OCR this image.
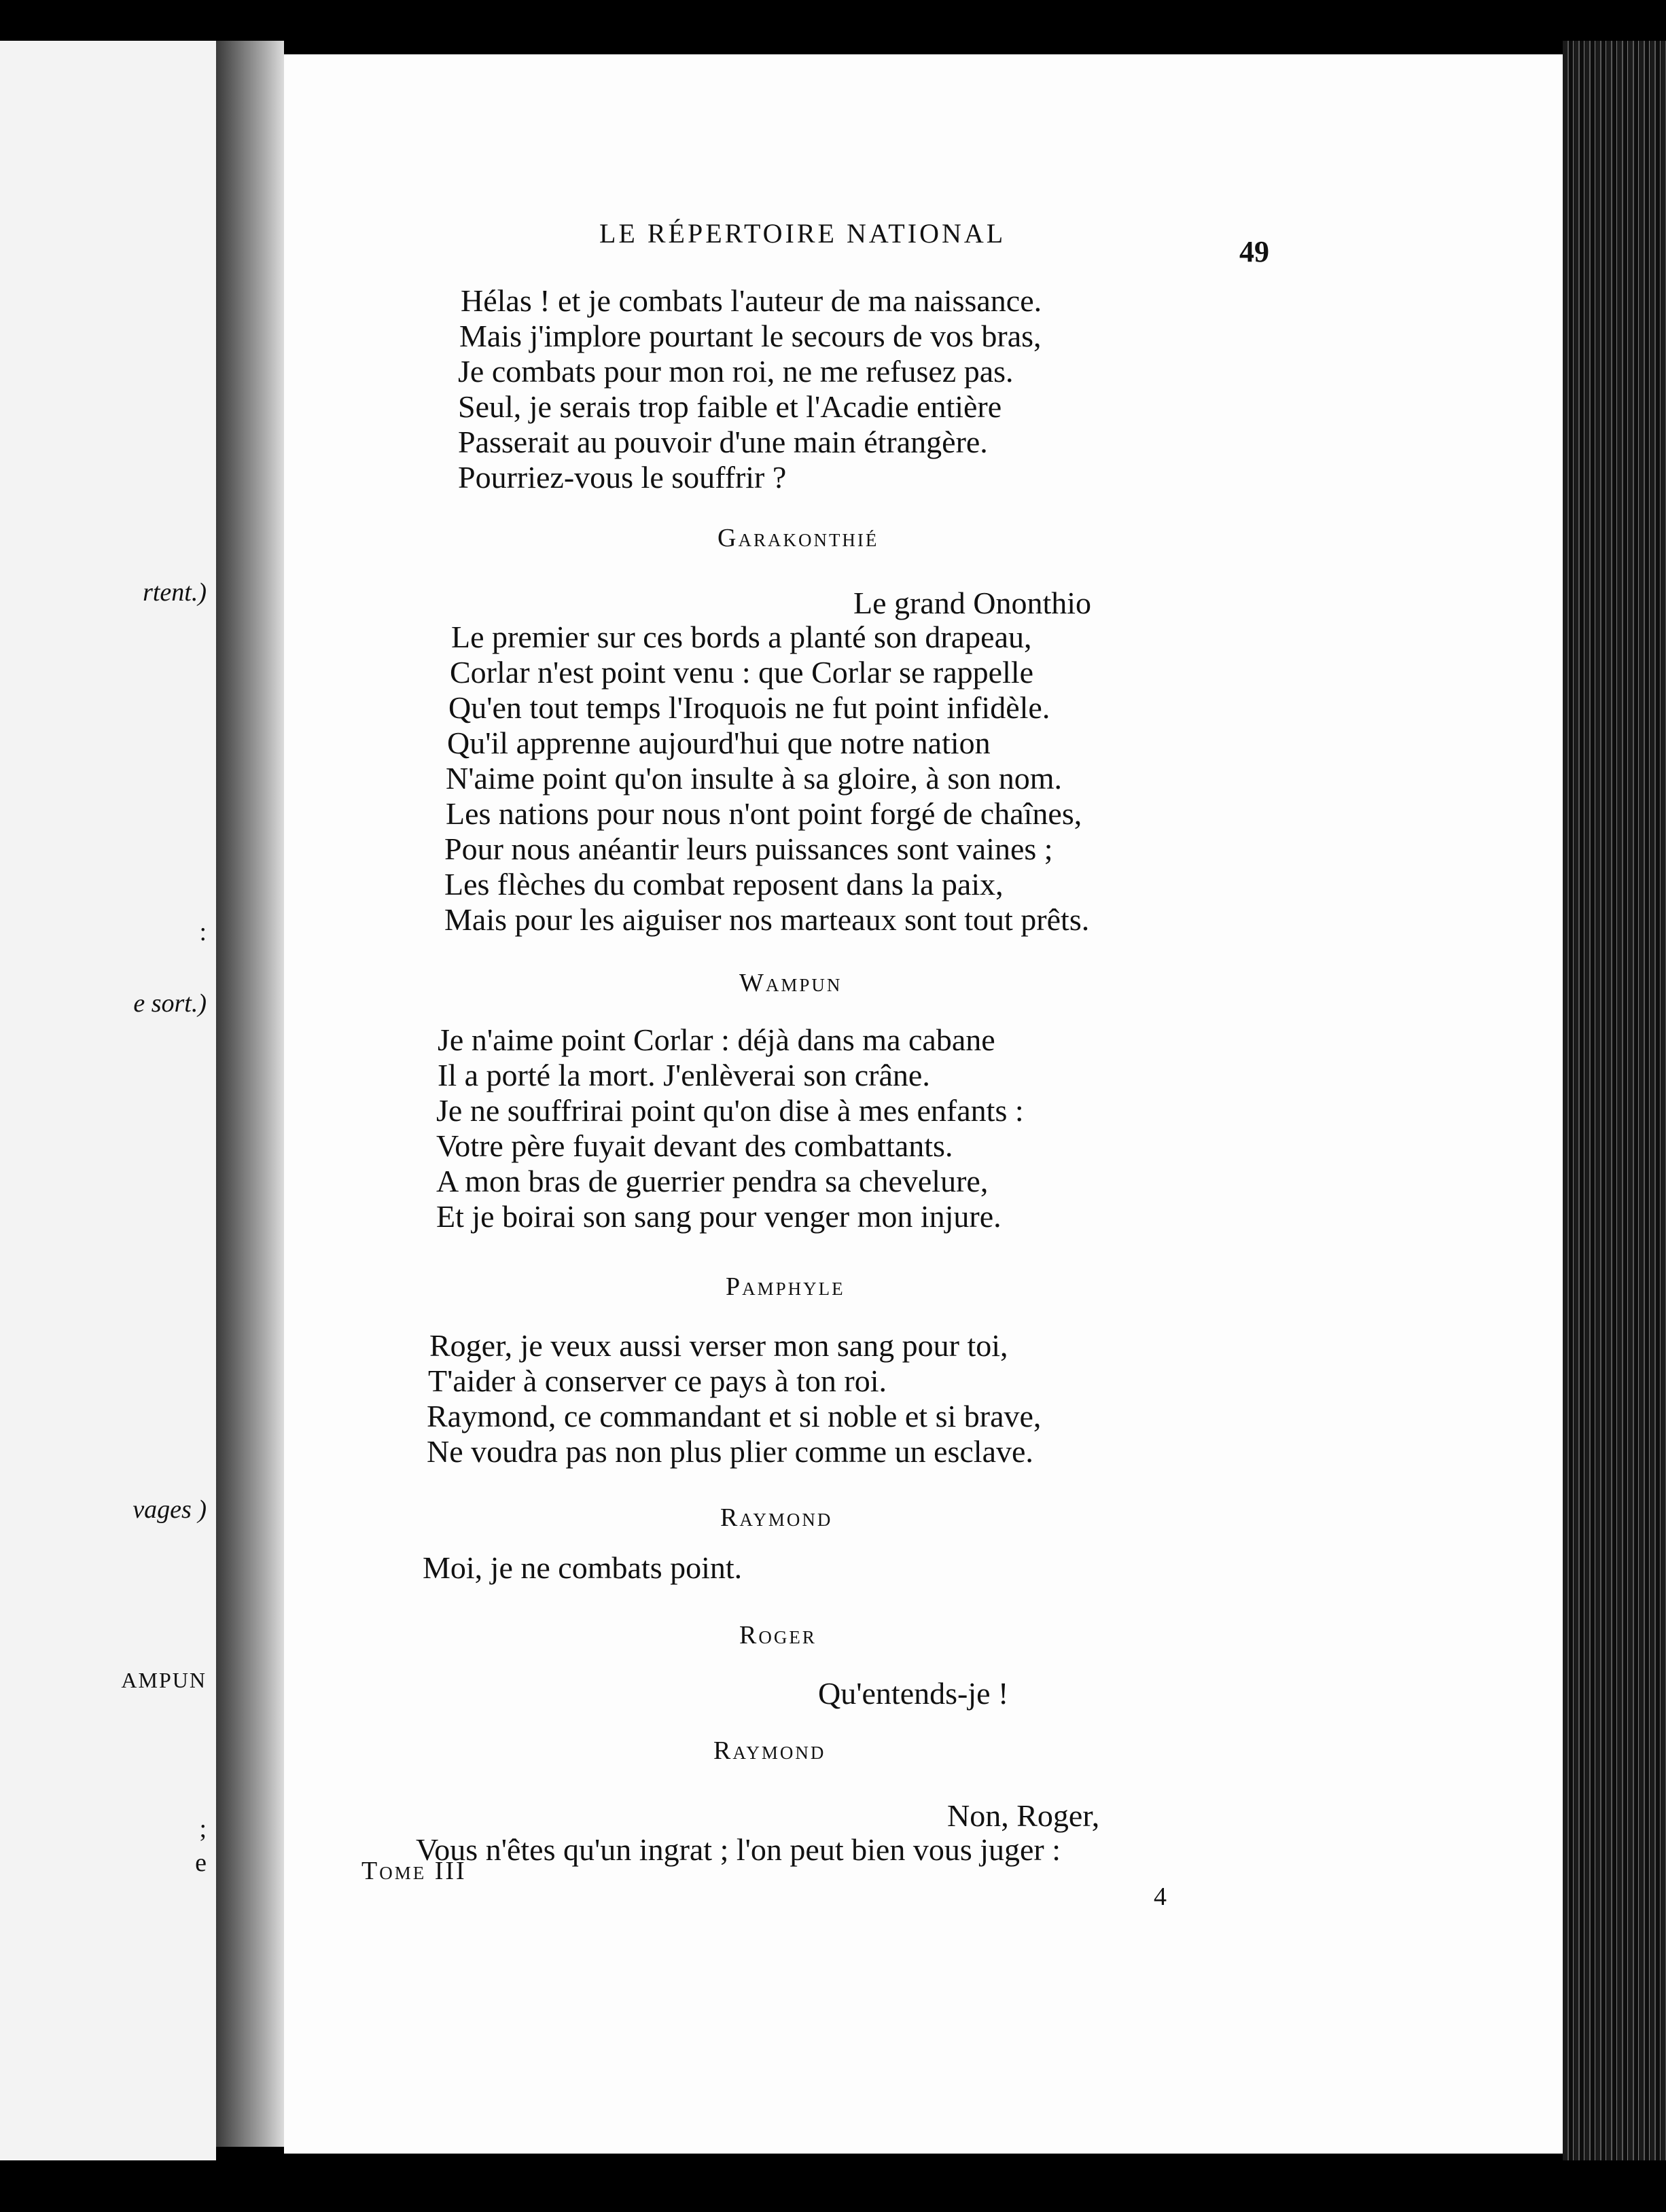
rtent.)
:
e sort.)
vages )
AMPUN
;
e
LE RÉPERTOIRE NATIONAL
49
Hélas ! et je combats l'auteur de ma naissance.
Mais j'implore pourtant le secours de vos bras,
Je combats pour mon roi, ne me refusez pas.
Seul, je serais trop faible et l'Acadie entière
Passerait au pouvoir d'une main étrangère.
Pourriez-vous le souffrir ?
Garakonthié
Le grand Ononthio
Le premier sur ces bords a planté son drapeau,
Corlar n'est point venu : que Corlar se rappelle
Qu'en tout temps l'Iroquois ne fut point infidèle.
Qu'il apprenne aujourd'hui que notre nation
N'aime point qu'on insulte à sa gloire, à son nom.
Les nations pour nous n'ont point forgé de chaînes,
Pour nous anéantir leurs puissances sont vaines ;
Les flèches du combat reposent dans la paix,
Mais pour les aiguiser nos marteaux sont tout prêts.
Wampun
Je n'aime point Corlar : déjà dans ma cabane
Il a porté la mort. J'enlèverai son crâne.
Je ne souffrirai point qu'on dise à mes enfants :
Votre père fuyait devant des combattants.
A mon bras de guerrier pendra sa chevelure,
Et je boirai son sang pour venger mon injure.
Pamphyle
Roger, je veux aussi verser mon sang pour toi,
T'aider à conserver ce pays à ton roi.
Raymond, ce commandant et si noble et si brave,
Ne voudra pas non plus plier comme un esclave.
Raymond
Moi, je ne combats point.
Roger
Qu'entends-je !
Raymond
Non, Roger,
Vous n'êtes qu'un ingrat ; l'on peut bien vous juger :
Tome III
4
